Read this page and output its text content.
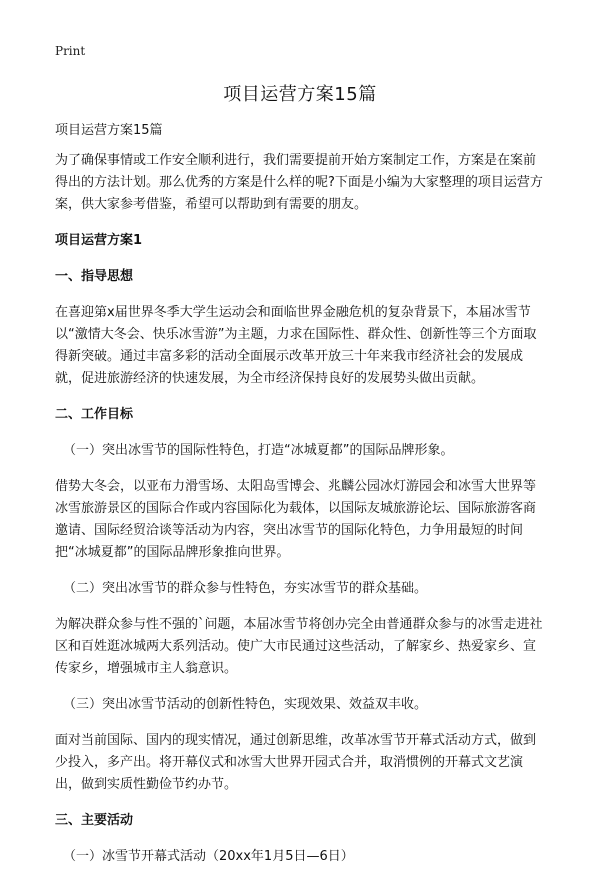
Print
项目运营方案15篇

项目运营方案15篇

为了确保事情或工作安全顺利进行，我们需要提前开始方案制定工作，方案是在案前得出的方法计划。那么优秀的方案是什么样的呢?下面是小编为大家整理的项目运营方案，供大家参考借鉴，希望可以帮助到有需要的朋友。

项目运营方案1

一、指导思想

在喜迎第x届世界冬季大学生运动会和面临世界金融危机的复杂背景下，本届冰雪节以“激情大冬会、快乐冰雪游”为主题，力求在国际性、群众性、创新性等三个方面取得新突破。通过丰富多彩的活动全面展示改革开放三十年来我市经济社会的发展成就，促进旅游经济的快速发展，为全市经济保持良好的发展势头做出贡献。

二、工作目标

（一）突出冰雪节的国际性特色，打造“冰城夏都”的国际品牌形象。

借势大冬会，以亚布力滑雪场、太阳岛雪博会、兆麟公园冰灯游园会和冰雪大世界等冰雪旅游景区的国际合作或内容国际化为载体，以国际友城旅游论坛、国际旅游客商邀请、国际经贸洽谈等活动为内容，突出冰雪节的国际化特色，力争用最短的时间把“冰城夏都”的国际品牌形象推向世界。

（二）突出冰雪节的群众参与性特色，夯实冰雪节的群众基础。

为解决群众参与性不强的`问题，本届冰雪节将创办完全由普通群众参与的冰雪走进社区和百姓逛冰城两大系列活动。使广大市民通过这些活动，了解家乡、热爱家乡、宣传家乡，增强城市主人翁意识。

（三）突出冰雪节活动的创新性特色，实现效果、效益双丰收。

面对当前国际、国内的现实情况，通过创新思维，改革冰雪节开幕式活动方式，做到少投入，多产出。将开幕仪式和冰雪大世界开园式合并，取消惯例的开幕式文艺演出，做到实质性勤俭节约办节。

三、主要活动

（一）冰雪节开幕式活动（20xx年1月5日—6日）
